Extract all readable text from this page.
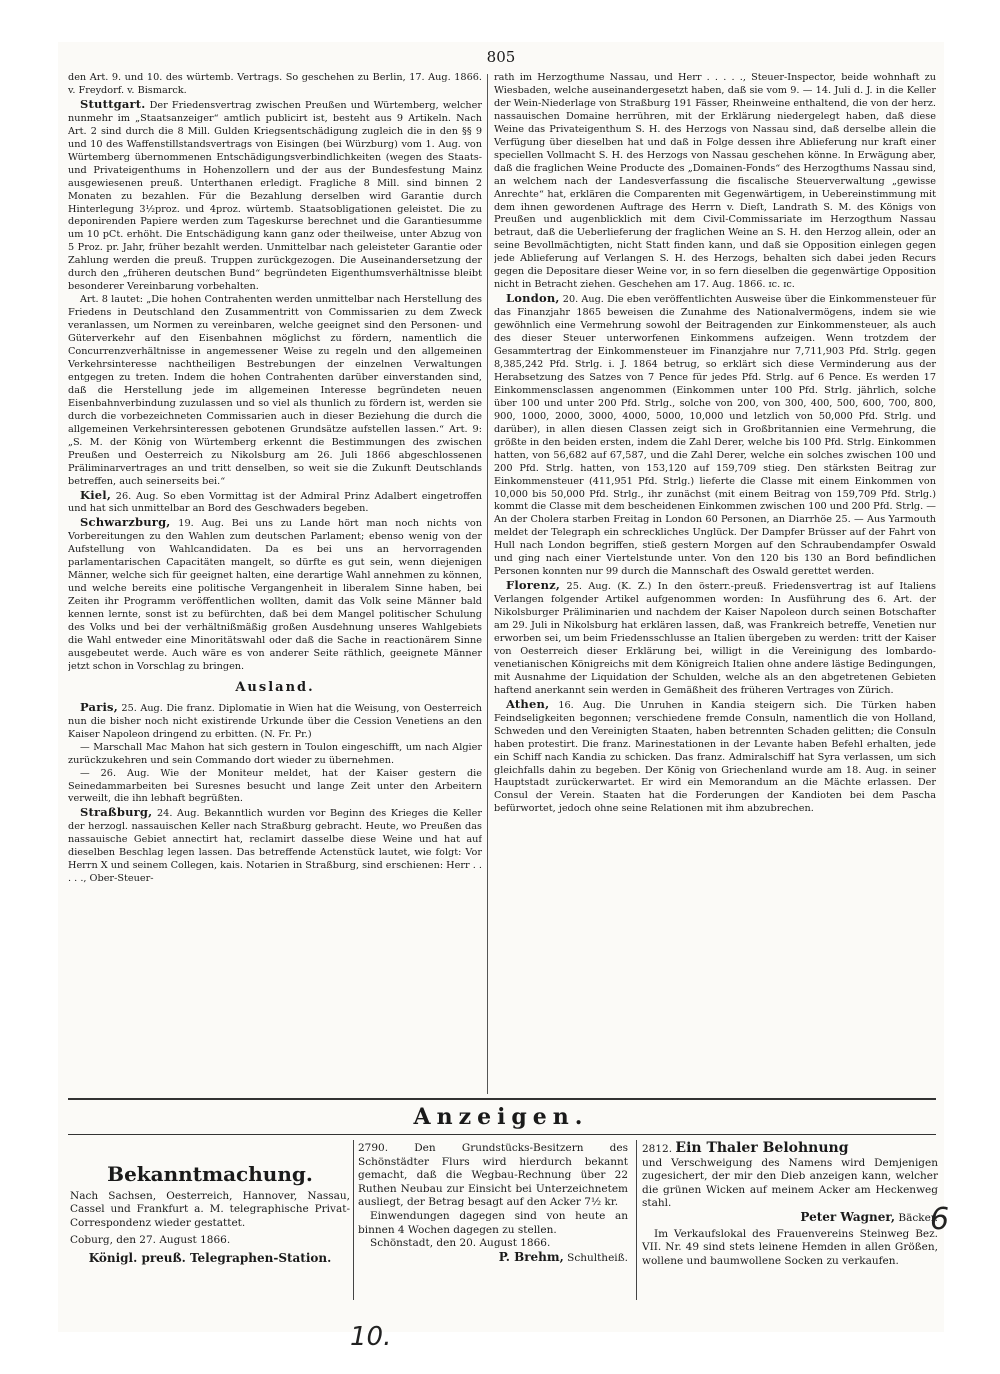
805

den Art. 9. und 10. des würtemb. Vertrags. So geschehen zu Berlin, 17. Aug. 1866. v. Freydorf. v. Bismarck.

Stuttgart. Der Friedensvertrag zwischen Preußen und Würtemberg, welcher nunmehr im „Staatsanzeiger“ amtlich publicirt ist, besteht aus 9 Artikeln. Nach Art. 2 sind durch die 8 Mill. Gulden Kriegsentschädigung zugleich die in den §§ 9 und 10 des Waffenstillstandsvertrags von Eisingen (bei Würzburg) vom 1. Aug. von Würtemberg übernommenen Entschädigungsverbindlichkeiten (wegen des Staats- und Privateigenthums in Hohenzollern und der aus der Bundesfestung Mainz ausgewiesenen preuß. Unterthanen erledigt. Fragliche 8 Mill. sind binnen 2 Monaten zu bezahlen. Für die Bezahlung derselben wird Garantie durch Hinterlegung 3½proz. und 4proz. würtemb. Staatsobligationen geleistet. Die zu deponirenden Papiere werden zum Tageskurse berechnet und die Garantiesumme um 10 pCt. erhöht. Die Entschädigung kann ganz oder theilweise, unter Abzug von 5 Proz. pr. Jahr, früher bezahlt werden. Unmittelbar nach geleisteter Garantie oder Zahlung werden die preuß. Truppen zurückgezogen. Die Auseinandersetzung der durch den „früheren deutschen Bund“ begründeten Eigenthumsverhältnisse bleibt besonderer Vereinbarung vorbehalten.

Art. 8 lautet: „Die hohen Contrahenten werden unmittelbar nach Herstellung des Friedens in Deutschland den Zusammentritt von Commissarien zu dem Zweck veranlassen, um Normen zu vereinbaren, welche geeignet sind den Personen- und Güterverkehr auf den Eisenbahnen möglichst zu fördern, namentlich die Concurrenzverhältnisse in angemessener Weise zu regeln und den allgemeinen Verkehrsinteresse nachtheiligen Bestrebungen der einzelnen Verwaltungen entgegen zu treten. Indem die hohen Contrahenten darüber einverstanden sind, daß die Herstellung jede im allgemeinen Interesse begründeten neuen Eisenbahnverbindung zuzulassen und so viel als thunlich zu fördern ist, werden sie durch die vorbezeichneten Commissarien auch in dieser Beziehung die durch die allgemeinen Verkehrsinteressen gebotenen Grundsätze aufstellen lassen.“ Art. 9: „S. M. der König von Würtemberg erkennt die Bestimmungen des zwischen Preußen und Oesterreich zu Nikolsburg am 26. Juli 1866 abgeschlossenen Präliminarvertrages an und tritt denselben, so weit sie die Zukunft Deutschlands betreffen, auch seinerseits bei.“

Kiel, 26. Aug. So eben Vormittag ist der Admiral Prinz Adalbert eingetroffen und hat sich unmittelbar an Bord des Geschwaders begeben.

Schwarzburg, 19. Aug. Bei uns zu Lande hört man noch nichts von Vorbereitungen zu den Wahlen zum deutschen Parlament; ebenso wenig von der Aufstellung von Wahlcandidaten. Da es bei uns an hervorragenden parlamentarischen Capacitäten mangelt, so dürfte es gut sein, wenn diejenigen Männer, welche sich für geeignet halten, eine derartige Wahl annehmen zu können, und welche bereits eine politische Vergangenheit in liberalem Sinne haben, bei Zeiten ihr Programm veröffentlichen wollten, damit das Volk seine Männer bald kennen lernte, sonst ist zu befürchten, daß bei dem Mangel politischer Schulung des Volks und bei der verhältnißmäßig großen Ausdehnung unseres Wahlgebiets die Wahl entweder eine Minoritätswahl oder daß die Sache in reactionärem Sinne ausgebeutet werde. Auch wäre es von anderer Seite räthlich, geeignete Männer jetzt schon in Vorschlag zu bringen.

Ausland.

Paris, 25. Aug. Die franz. Diplomatie in Wien hat die Weisung, von Oesterreich nun die bisher noch nicht existirende Urkunde über die Cession Venetiens an den Kaiser Napoleon dringend zu erbitten. (N. Fr. Pr.)

— Marschall Mac Mahon hat sich gestern in Toulon eingeschifft, um nach Algier zurückzukehren und sein Commando dort wieder zu übernehmen.

— 26. Aug. Wie der Moniteur meldet, hat der Kaiser gestern die Seinedammarbeiten bei Suresnes besucht und lange Zeit unter den Arbeitern verweilt, die ihn lebhaft begrüßten.

Straßburg, 24. Aug. Bekanntlich wurden vor Beginn des Krieges die Keller der herzogl. nassauischen Keller nach Straßburg gebracht. Heute, wo Preußen das nassauische Gebiet annectirt hat, reclamirt dasselbe diese Weine und hat auf dieselben Beschlag legen lassen. Das betreffende Actenstück lautet, wie folgt: Vor Herrn X und seinem Collegen, kais. Notarien in Straßburg, sind erschienen: Herr . . . . ., Ober-Steuer-

rath im Herzogthume Nassau, und Herr . . . . ., Steuer-Inspector, beide wohnhaft zu Wiesbaden, welche auseinandergesetzt haben, daß sie vom 9. — 14. Juli d. J. in die Keller der Wein-Niederlage von Straßburg 191 Fässer, Rheinweine enthaltend, die von der herz. nassauischen Domaine herrühren, mit der Erklärung niedergelegt haben, daß diese Weine das Privateigenthum S. H. des Herzogs von Nassau sind, daß derselbe allein die Verfügung über dieselben hat und daß in Folge dessen ihre Ablieferung nur kraft einer speciellen Vollmacht S. H. des Herzogs von Nassau geschehen könne. In Erwägung aber, daß die fraglichen Weine Producte des „Domainen-Fonds“ des Herzogthums Nassau sind, an welchem nach der Landesverfassung die fiscalische Steuerverwaltung „gewisse Anrechte“ hat, erklären die Comparenten mit Gegenwärtigem, in Uebereinstimmung mit dem ihnen gewordenen Auftrage des Herrn v. Dieſt, Landrath S. M. des Königs von Preußen und augenblicklich mit dem Civil-Commissariate im Herzogthum Nassau betraut, daß die Ueberlieferung der fraglichen Weine an S. H. den Herzog allein, oder an seine Bevollmächtigten, nicht Statt finden kann, und daß sie Opposition einlegen gegen jede Ablieferung auf Verlangen S. H. des Herzogs, behalten sich dabei jeden Recurs gegen die Depositare dieser Weine vor, in so fern dieselben die gegenwärtige Opposition nicht in Betracht ziehen. Geschehen am 17. Aug. 1866. ɪc. ɪc.

London, 20. Aug. Die eben veröffentlichten Ausweise über die Einkommensteuer für das Finanzjahr 1865 beweisen die Zunahme des Nationalvermögens, indem sie wie gewöhnlich eine Vermehrung sowohl der Beitragenden zur Einkommensteuer, als auch des dieser Steuer unterworfenen Einkommens aufzeigen. Wenn trotzdem der Gesammtertrag der Einkommensteuer im Finanzjahre nur 7,711,903 Pfd. Strlg. gegen 8,385,242 Pfd. Strlg. i. J. 1864 betrug, so erklärt sich diese Verminderung aus der Herabsetzung des Satzes von 7 Pence für jedes Pfd. Strlg. auf 6 Pence. Es werden 17 Einkommensclassen angenommen (Einkommen unter 100 Pfd. Strlg. jährlich, solche über 100 und unter 200 Pfd. Strlg., solche von 200, von 300, 400, 500, 600, 700, 800, 900, 1000, 2000, 3000, 4000, 5000, 10,000 und letzlich von 50,000 Pfd. Strlg. und darüber), in allen diesen Classen zeigt sich in Großbritannien eine Vermehrung, die größte in den beiden ersten, indem die Zahl Derer, welche bis 100 Pfd. Strlg. Einkommen hatten, von 56,682 auf 67,587, und die Zahl Derer, welche ein solches zwischen 100 und 200 Pfd. Strlg. hatten, von 153,120 auf 159,709 stieg. Den stärksten Beitrag zur Einkommensteuer (411,951 Pfd. Strlg.) lieferte die Classe mit einem Einkommen von 10,000 bis 50,000 Pfd. Strlg., ihr zunächst (mit einem Beitrag von 159,709 Pfd. Strlg.) kommt die Classe mit dem bescheidenen Einkommen zwischen 100 und 200 Pfd. Strlg. — An der Cholera starben Freitag in London 60 Personen, an Diarrhöe 25. — Aus Yarmouth meldet der Telegraph ein schreckliches Unglück. Der Dampfer Brüsser auf der Fahrt von Hull nach London begriffen, stieß gestern Morgen auf den Schraubendampfer Oswald und ging nach einer Viertelstunde unter. Von den 120 bis 130 an Bord befindlichen Personen konnten nur 99 durch die Mannschaft des Oswald gerettet werden.

Florenz, 25. Aug. (K. Z.) In den österr.-preuß. Friedensvertrag ist auf Italiens Verlangen folgender Artikel aufgenommen worden: In Ausführung des 6. Art. der Nikolsburger Präliminarien und nachdem der Kaiser Napoleon durch seinen Botschafter am 29. Juli in Nikolsburg hat erklären lassen, daß, was Frankreich betreffe, Venetien nur erworben sei, um beim Friedensschlusse an Italien übergeben zu werden: tritt der Kaiser von Oesterreich dieser Erklärung bei, willigt in die Vereinigung des lombardo-venetianischen Königreichs mit dem Königreich Italien ohne andere lästige Bedingungen, mit Ausnahme der Liquidation der Schulden, welche als an den abgetretenen Gebieten haftend anerkannt sein werden in Gemäßheit des früheren Vertrages von Zürich.

Athen, 16. Aug. Die Unruhen in Kandia steigern sich. Die Türken haben Feindseligkeiten begonnen; verschiedene fremde Consuln, namentlich die von Holland, Schweden und den Vereinigten Staaten, haben betrennten Schaden gelitten; die Consuln haben protestirt. Die franz. Marinestationen in der Levante haben Befehl erhalten, jede ein Schiff nach Kandia zu schicken. Das franz. Admiralschiff hat Syra verlassen, um sich gleichfalls dahin zu begeben. Der König von Griechenland wurde am 18. Aug. in seiner Hauptstadt zurückerwartet. Er wird ein Memorandum an die Mächte erlassen. Der Consul der Verein. Staaten hat die Forderungen der Kandioten bei dem Pascha befürwortet, jedoch ohne seine Relationen mit ihm abzubrechen.

Anzeigen.
Bekanntmachung.
Nach Sachsen, Oesterreich, Hannover, Nassau, Cassel und Frankfurt a. M. telegraphische Privat-Correspondenz wieder gestattet.
Coburg, den 27. August 1866.
Königl. preuß. Telegraphen-Station.
2790. Den Grundstücks-Besitzern des Schönstädter Flurs wird hierdurch bekannt gemacht, daß die Wegbau-Rechnung über 22 Ruthen Neubau zur Einsicht bei Unterzeichnetem ausliegt, der Betrag besagt auf den Acker 7½ kr.
Einwendungen dagegen sind von heute an binnen 4 Wochen dagegen zu stellen.
Schönstadt, den 20. August 1866.
P. Brehm, Schultheiß.
2812. Ein Thaler Belohnung
und Verschweigung des Namens wird Demjenigen zugesichert, der mir den Dieb anzeigen kann, welcher die grünen Wicken auf meinem Acker am Heckenweg stahl.
Peter Wagner, Bäcker.
Im Verkaufslokal des Frauenvereins Steinweg Bez. VII. Nr. 49 sind stets leinene Hemden in allen Größen, wollene und baumwollene Socken zu verkaufen.
10.
6
